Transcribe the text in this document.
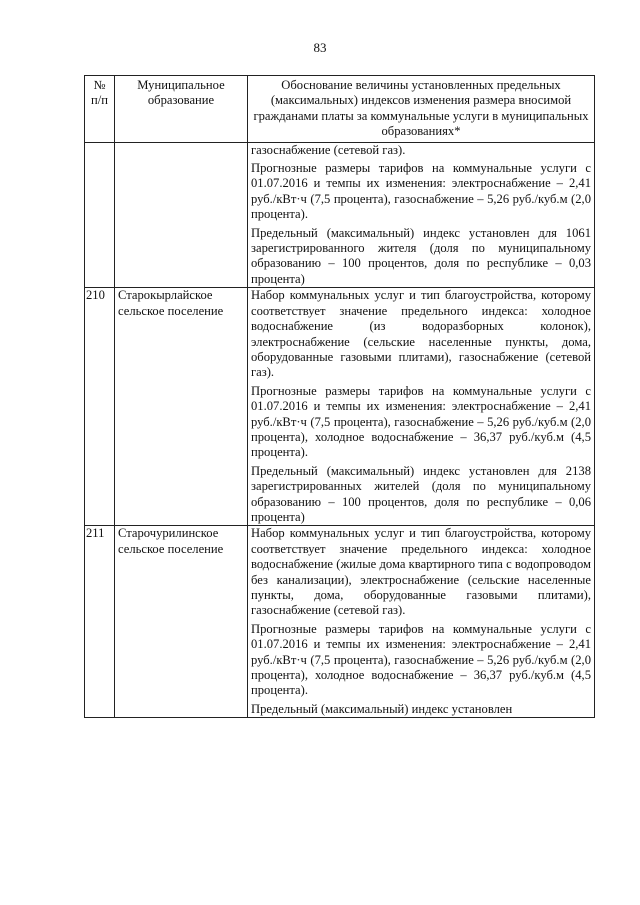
83
№ п/п	Муниципальное образование	Обоснование величины установленных предельных (максимальных) индексов изменения размера вносимой гражданами платы за коммунальные услуги в муниципальных образованиях*

		газоснабжение (сетевой газ).

Прогнозные размеры тарифов на коммунальные услуги с 01.07.2016 и темпы их изменения: электроснабжение – 2,41 руб./кВт·ч (7,5 процента), газоснабжение – 5,26 руб./куб.м (2,0 процента).

Предельный (максимальный) индекс установлен для 1061 зарегистрированного жителя (доля по муниципальному образованию – 100 процентов, доля по республике – 0,03 процента)

210	Старокырлайское сельское поселение	Набор коммунальных услуг и тип благоустройства, которому соответствует значение предельного индекса: холодное водоснабжение (из водоразборных колонок), электроснабжение (сельские населенные пункты, дома, оборудованные газовыми плитами), газоснабжение (сетевой газ).

Прогнозные размеры тарифов на коммунальные услуги с 01.07.2016 и темпы их изменения: электроснабжение – 2,41 руб./кВт·ч (7,5 процента), газоснабжение – 5,26 руб./куб.м (2,0 процента), холодное водоснабжение – 36,37 руб./куб.м (4,5 процента).

Предельный (максимальный) индекс установлен для 2138 зарегистрированных жителей (доля по муниципальному образованию – 100 процентов, доля по республике – 0,06 процента)

211	Старочурилинское сельское поселение	Набор коммунальных услуг и тип благоустройства, которому соответствует значение предельного индекса: холодное водоснабжение (жилые дома квартирного типа с водопроводом без канализации), электроснабжение (сельские населенные пункты, дома, оборудованные газовыми плитами), газоснабжение (сетевой газ).

Прогнозные размеры тарифов на коммунальные услуги с 01.07.2016 и темпы их изменения: электроснабжение – 2,41 руб./кВт·ч (7,5 процента), газоснабжение – 5,26 руб./куб.м (2,0 процента), холодное водоснабжение – 36,37 руб./куб.м (4,5 процента).

Предельный (максимальный) индекс установлен
